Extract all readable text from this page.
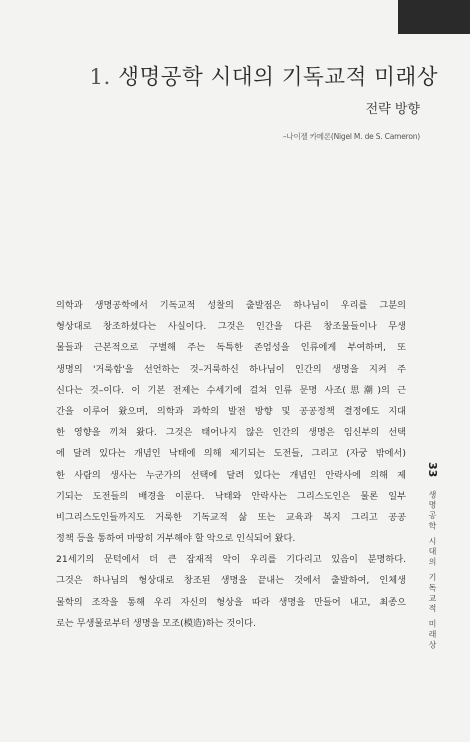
1. 생명공학 시대의 기독교적 미래상
전략 방향
–나이젤 카메론(Nigel M. de S. Cameron)
의학과 생명공학에서 기독교적 성찰의 출발점은 하나님이 우리를 그분의
형상대로 창조하셨다는 사실이다. 그것은 인간을 다른 창조물들이나 무생
물들과 근본적으로 구별해 주는 독특한 존엄성을 인류에게 부여하며, 또
생명의 '거룩함'을 선언하는 것–거룩하신 하나님이 인간의 생명을 지켜 주
신다는 것–이다. 이 기본 전제는 수세기에 걸쳐 인류 문명 사조(思潮)의 근
간을 이루어 왔으며, 의학과 과학의 발전 방향 및 공공정책 결정에도 지대
한 영향을 끼쳐 왔다. 그것은 태어나지 않은 인간의 생명은 임신부의 선택
에 달려 있다는 개념인 낙태에 의해 제기되는 도전들, 그리고 (자궁 밖에서)
한 사람의 생사는 누군가의 선택에 달려 있다는 개념인 안락사에 의해 제
기되는 도전들의 배경을 이룬다. 낙태와 안락사는 그리스도인은 물론 일부
비그리스도인들까지도 거룩한 기독교적 삶 또는 교육과 복지 그리고 공공
정책 등을 통하여 마땅히 거부해야 할 악으로 인식되어 왔다.
21세기의 문턱에서 더 큰 잠재적 악이 우리를 기다리고 있음이 분명하다.
그것은 하나님의 형상대로 창조된 생명을 끝내는 것에서 출발하여, 인체생
물학의 조작을 통해 우리 자신의 형상을 따라 생명을 만들어 내고, 최종으
로는 무생물로부터 생명을 모조(模造)하는 것이다.
33 생명공학 시대의 기독교적 미래상
